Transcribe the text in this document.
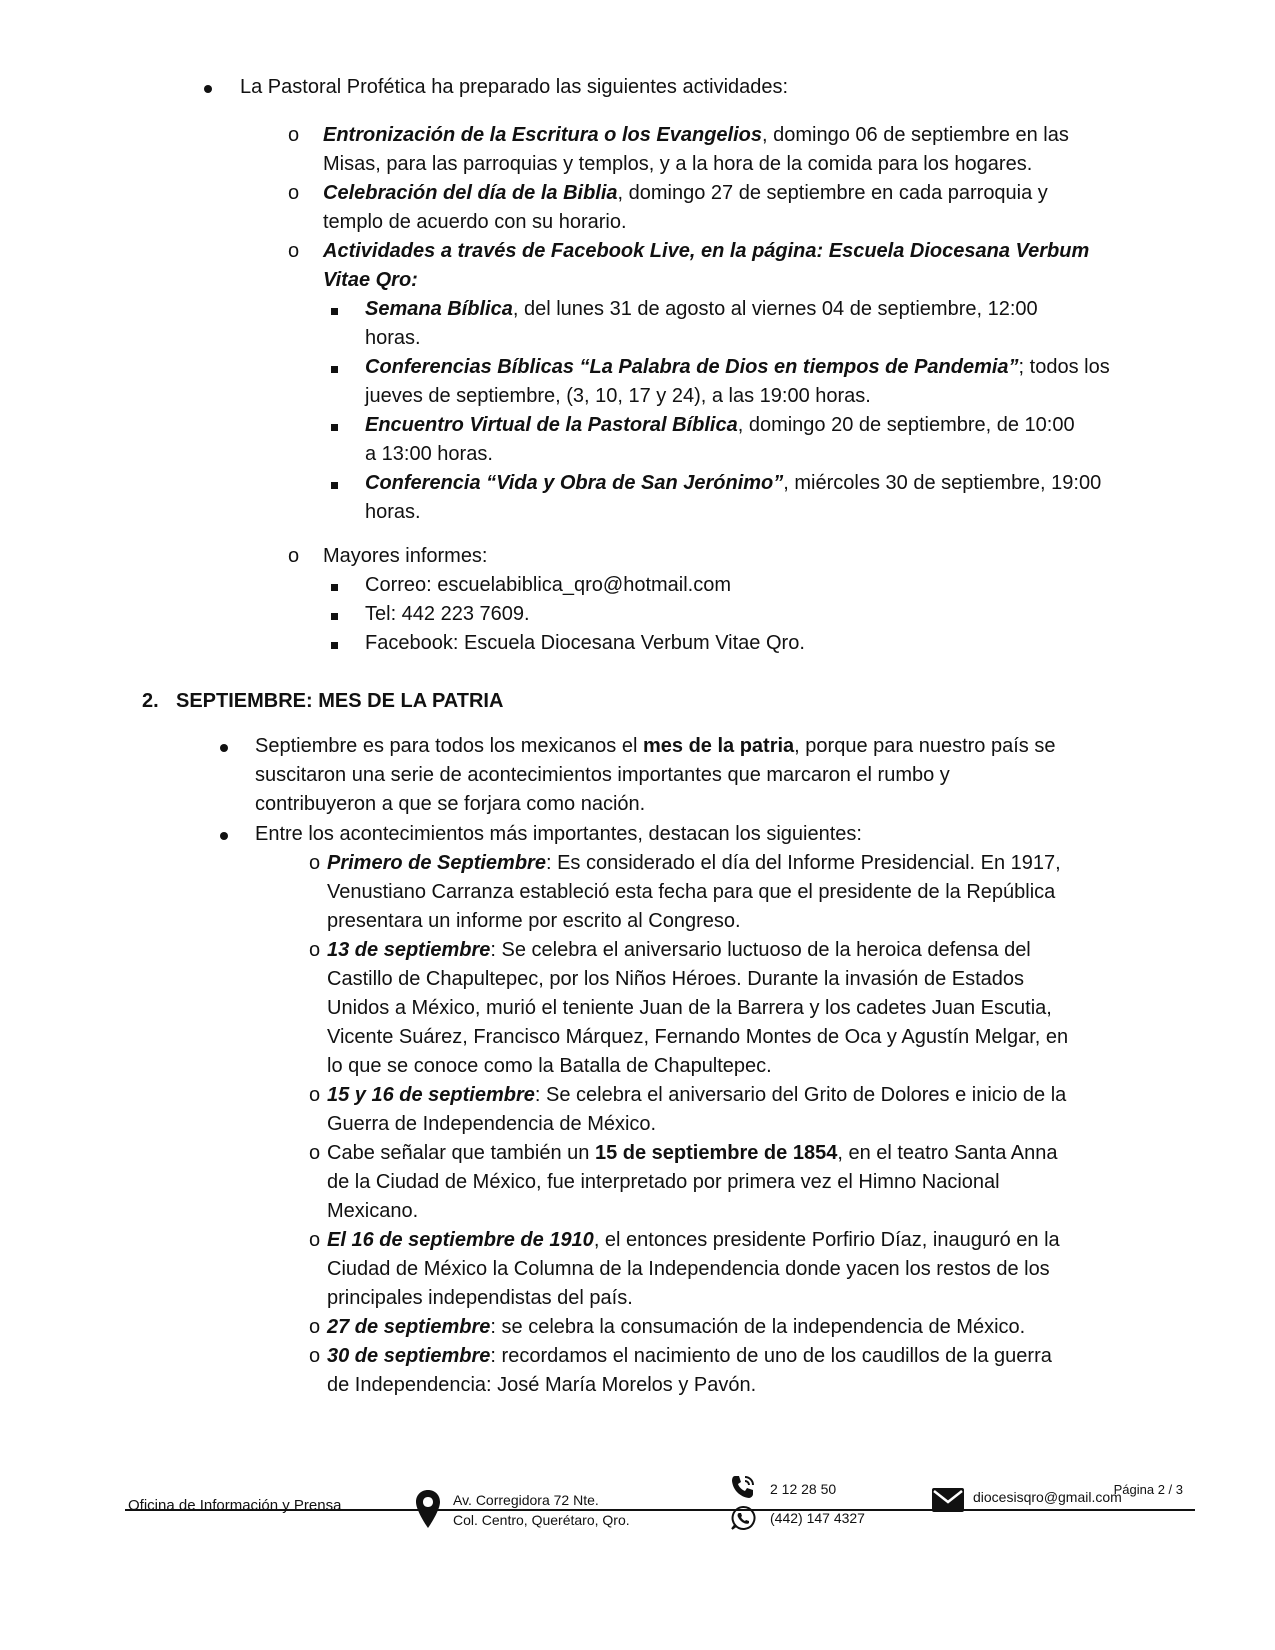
La Pastoral Profética ha preparado las siguientes actividades:
o Entronización de la Escritura o los Evangelios, domingo 06 de septiembre en las
Misas, para las parroquias y templos, y a la hora de la comida para los hogares.
o Celebración del día de la Biblia, domingo 27 de septiembre en cada parroquia y
templo de acuerdo con su horario.
o Actividades a través de Facebook Live, en la página: Escuela Diocesana Verbum
Vitae Qro:
Semana Bíblica, del lunes 31 de agosto al viernes 04 de septiembre, 12:00
horas.
Conferencias Bíblicas “La Palabra de Dios en tiempos de Pandemia”; todos los
jueves de septiembre, (3, 10, 17 y 24), a las 19:00 horas.
Encuentro Virtual de la Pastoral Bíblica, domingo 20 de septiembre, de 10:00
a 13:00 horas.
Conferencia “Vida y Obra de San Jerónimo”, miércoles 30 de septiembre, 19:00
horas.
o Mayores informes:
Correo: escuelabiblica_qro@hotmail.com
Tel: 442 223 7609.
Facebook: Escuela Diocesana Verbum Vitae Qro.
2. SEPTIEMBRE: MES DE LA PATRIA
Septiembre es para todos los mexicanos el mes de la patria, porque para nuestro país se
suscitaron una serie de acontecimientos importantes que marcaron el rumbo y
contribuyeron a que se forjara como nación.
Entre los acontecimientos más importantes, destacan los siguientes:
o Primero de Septiembre: Es considerado el día del Informe Presidencial. En 1917,
Venustiano Carranza estableció esta fecha para que el presidente de la República
presentara un informe por escrito al Congreso.
o 13 de septiembre: Se celebra el aniversario luctuoso de la heroica defensa del
Castillo de Chapultepec, por los Niños Héroes. Durante la invasión de Estados
Unidos a México, murió el teniente Juan de la Barrera y los cadetes Juan Escutia,
Vicente Suárez, Francisco Márquez, Fernando Montes de Oca y Agustín Melgar, en
lo que se conoce como la Batalla de Chapultepec.
o 15 y 16 de septiembre: Se celebra el aniversario del Grito de Dolores e inicio de la
Guerra de Independencia de México.
o Cabe señalar que también un 15 de septiembre de 1854, en el teatro Santa Anna
de la Ciudad de México, fue interpretado por primera vez el Himno Nacional
Mexicano.
o El 16 de septiembre de 1910, el entonces presidente Porfirio Díaz, inauguró en la
Ciudad de México la Columna de la Independencia donde yacen los restos de los
principales independistas del país.
o 27 de septiembre: se celebra la consumación de la independencia de México.
o 30 de septiembre: recordamos el nacimiento de uno de los caudillos de la guerra
de Independencia: José María Morelos y Pavón.
Página 2 / 3
Oficina de Información y Prensa	Av. Corregidora 72 Nte.
Col. Centro, Querétaro, Qro.
2 12 28 50
(442) 147 4327
diocesisqro@gmail.com
